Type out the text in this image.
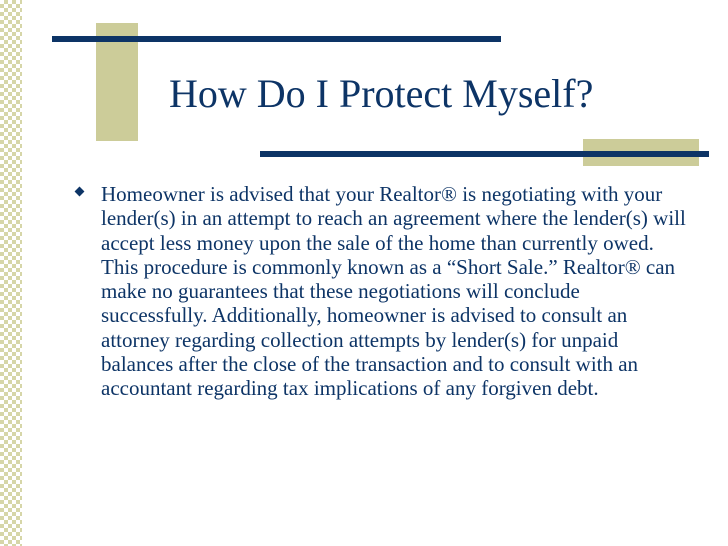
How Do I Protect Myself?
Homeowner is advised that your Realtor® is negotiating with your lender(s) in an attempt to reach an agreement where the lender(s) will accept less money upon the sale of the home than currently owed. This procedure is commonly known as a “Short Sale.” Realtor® can make no guarantees that these negotiations will conclude successfully. Additionally, homeowner is advised to consult an attorney regarding collection attempts by lender(s) for unpaid balances after the close of the transaction and to consult with an accountant regarding tax implications of any forgiven debt.
